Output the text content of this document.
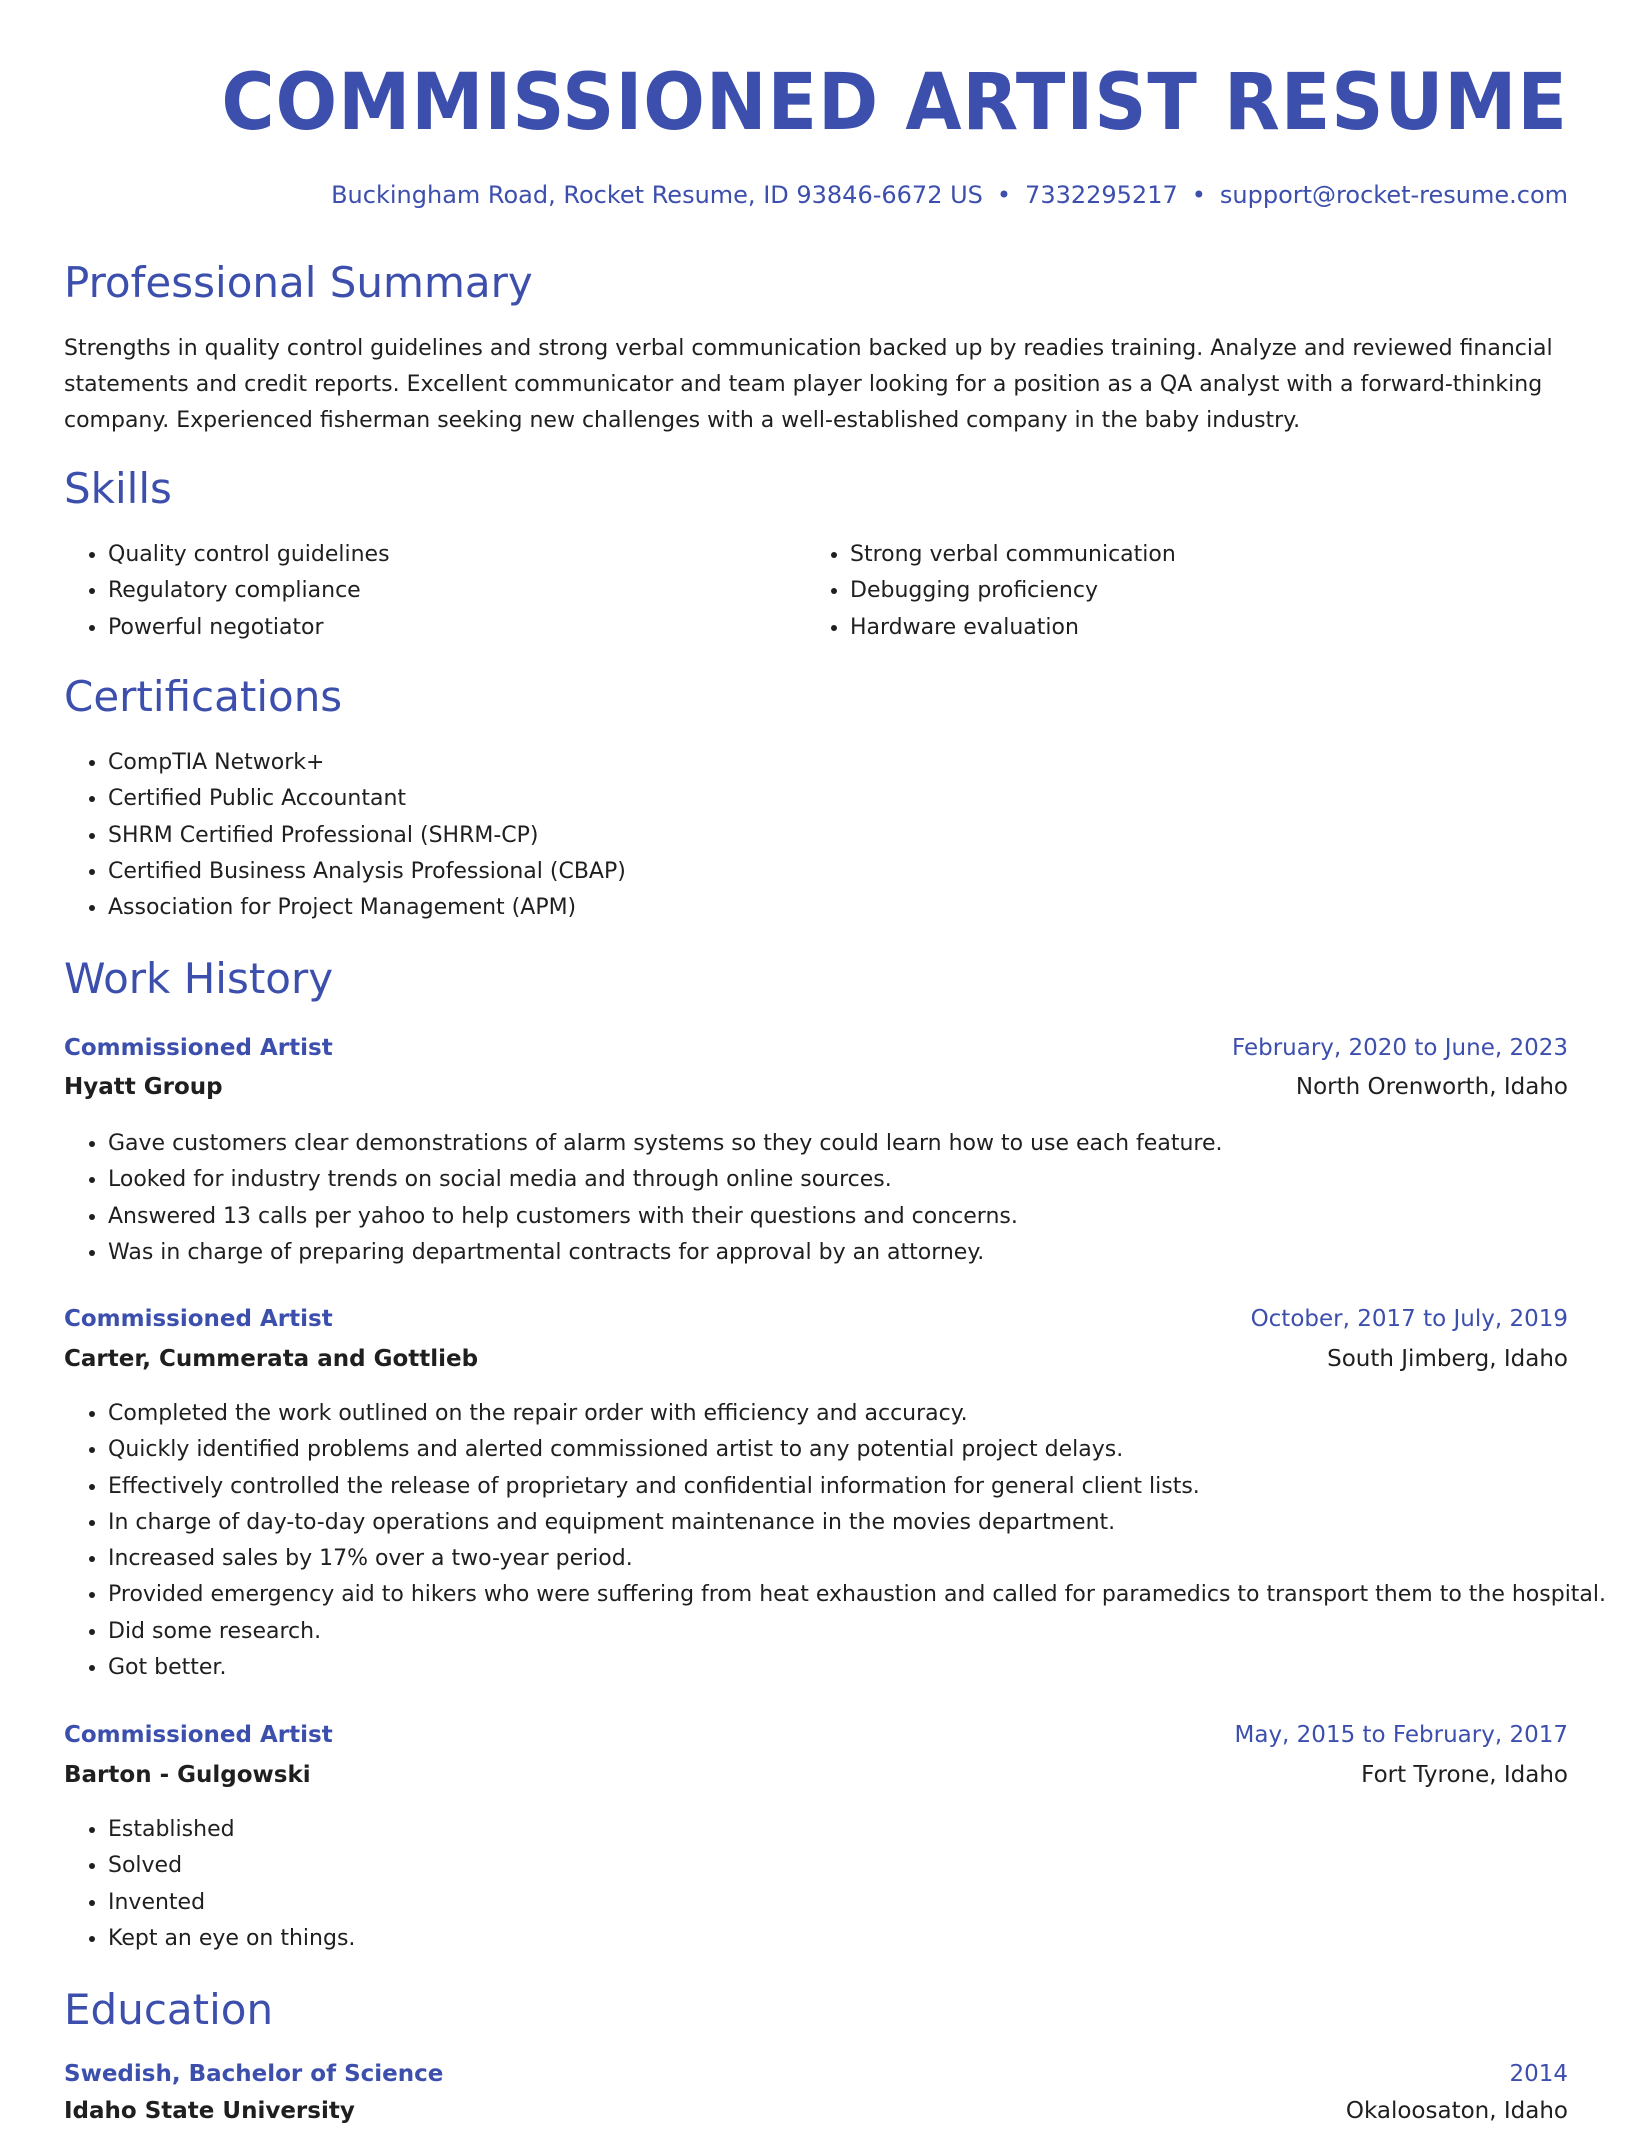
COMMISSIONED ARTIST RESUME
Buckingham Road, Rocket Resume, ID 93846-6672 US • 7332295217 • support@rocket-resume.com
Professional Summary

Strengths in quality control guidelines and strong verbal communication backed up by readies training. Analyze and reviewed financial statements and credit reports. Excellent communicator and team player looking for a position as a QA analyst with a forward-thinking company. Experienced fisherman seeking new challenges with a well-established company in the baby industry.

Skills
• Quality control guidelines
• Regulatory compliance
• Powerful negotiator
• Strong verbal communication
• Debugging proficiency
• Hardware evaluation
Certifications
• CompTIA Network+
• Certified Public Accountant
• SHRM Certified Professional (SHRM-CP)
• Certified Business Analysis Professional (CBAP)
• Association for Project Management (APM)
Work History
Commissioned Artist	February, 2020 to June, 2023
Hyatt Group	North Orenworth, Idaho
• Gave customers clear demonstrations of alarm systems so they could learn how to use each feature.
• Looked for industry trends on social media and through online sources.
• Answered 13 calls per yahoo to help customers with their questions and concerns.
• Was in charge of preparing departmental contracts for approval by an attorney.
Commissioned Artist	October, 2017 to July, 2019
Carter, Cummerata and Gottlieb	South Jimberg, Idaho
• Completed the work outlined on the repair order with efficiency and accuracy.
• Quickly identified problems and alerted commissioned artist to any potential project delays.
• Effectively controlled the release of proprietary and confidential information for general client lists.
• In charge of day-to-day operations and equipment maintenance in the movies department.
• Increased sales by 17% over a two-year period.
• Provided emergency aid to hikers who were suffering from heat exhaustion and called for paramedics to transport them to the hospital.
• Did some research.
• Got better.
Commissioned Artist	May, 2015 to February, 2017
Barton - Gulgowski	Fort Tyrone, Idaho
• Established
• Solved
• Invented
• Kept an eye on things.
Education
Swedish, Bachelor of Science	2014
Idaho State University	Okaloosaton, Idaho
